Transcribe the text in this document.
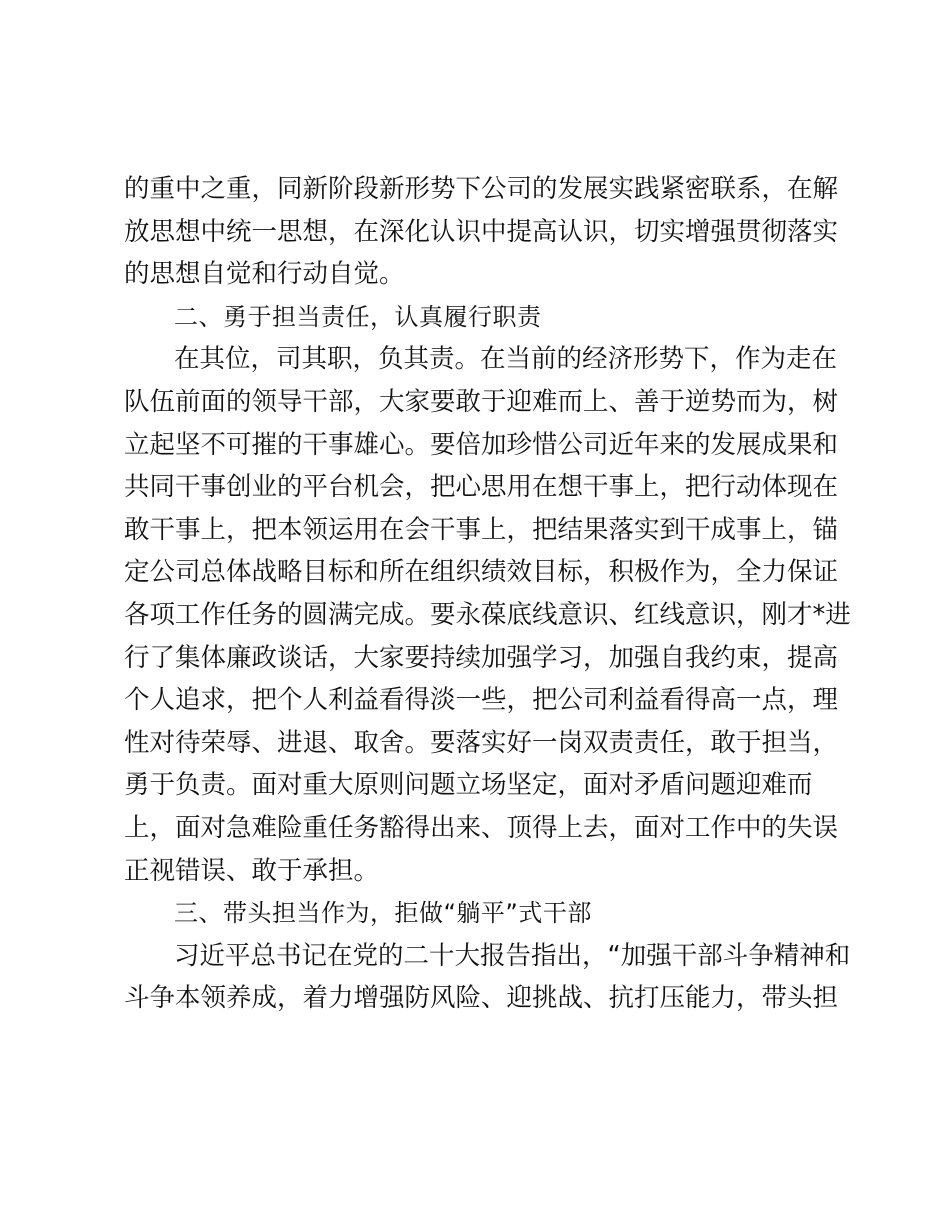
的重中之重，同新阶段新形势下公司的发展实践紧密联系，在解
放思想中统一思想，在深化认识中提高认识，切实增强贯彻落实
的思想自觉和行动自觉。
二、勇于担当责任，认真履行职责
在其位，司其职，负其责。在当前的经济形势下，作为走在
队伍前面的领导干部，大家要敢于迎难而上、善于逆势而为，树
立起坚不可摧的干事雄心。要倍加珍惜公司近年来的发展成果和
共同干事创业的平台机会，把心思用在想干事上，把行动体现在
敢干事上，把本领运用在会干事上，把结果落实到干成事上，锚
定公司总体战略目标和所在组织绩效目标，积极作为，全力保证
各项工作任务的圆满完成。要永葆底线意识、红线意识，刚才*进
行了集体廉政谈话，大家要持续加强学习，加强自我约束，提高
个人追求，把个人利益看得淡一些，把公司利益看得高一点，理
性对待荣辱、进退、取舍。要落实好一岗双责责任，敢于担当，
勇于负责。面对重大原则问题立场坚定，面对矛盾问题迎难而
上，面对急难险重任务豁得出来、顶得上去，面对工作中的失误
正视错误、敢于承担。
三、带头担当作为，拒做“躺平”式干部
习近平总书记在党的二十大报告指出，“加强干部斗争精神和
斗争本领养成，着力增强防风险、迎挑战、抗打压能力，带头担
